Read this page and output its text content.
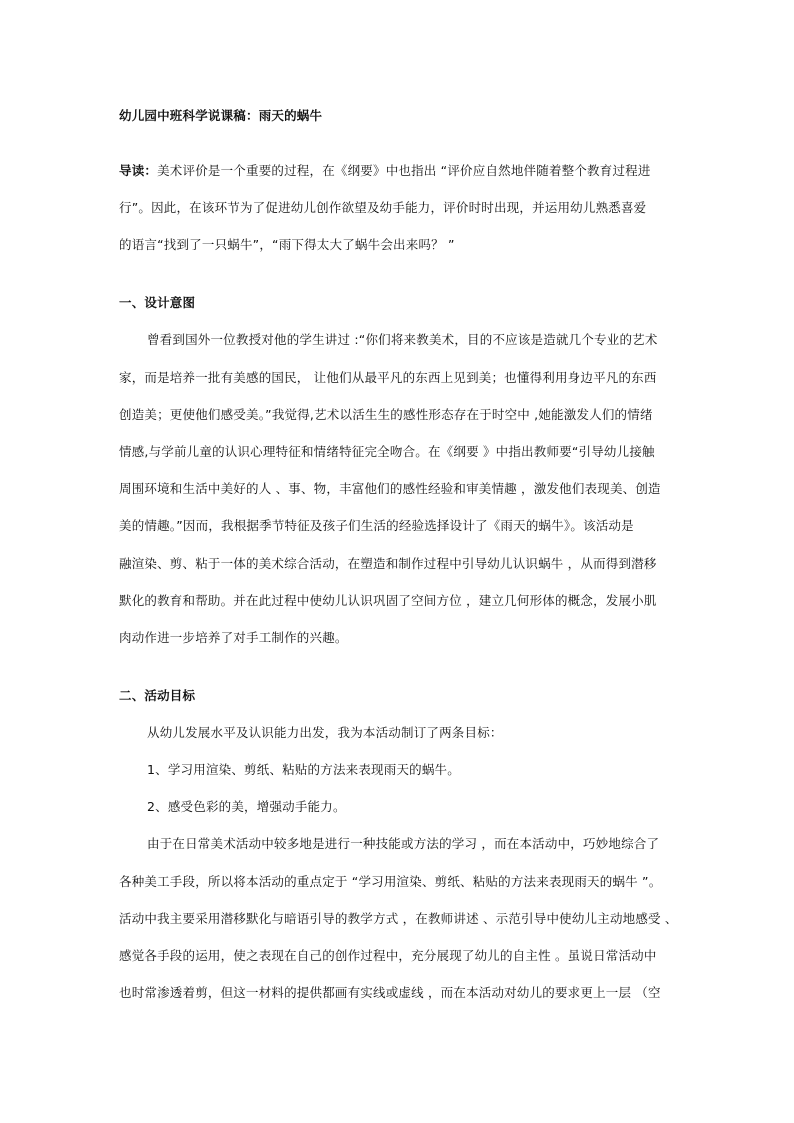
幼儿园中班科学说课稿：雨天的蜗牛
导读：美术评价是一个重要的过程，在《纲要》中也指出 “评价应自然地伴随着整个教育过程进
行”。因此，在该环节为了促进幼儿创作欲望及幼手能力，评价时时出现，并运用幼儿熟悉喜爱
的语言“找到了一只蜗牛”，“雨下得太大了蜗牛会出来吗？ ”
一、设计意图
曾看到国外一位教授对他的学生讲过 :“你们将来教美术，目的不应该是造就几个专业的艺术
家，而是培养一批有美感的国民， 让他们从最平凡的东西上见到美；也懂得利用身边平凡的东西
创造美；更使他们感受美。”我觉得,艺术以活生生的感性形态存在于时空中 ,她能激发人们的情绪
情感,与学前儿童的认识心理特征和情绪特征完全吻合。在《纲要 》中指出教师要“引导幼儿接触
周围环境和生活中美好的人 、事、物，丰富他们的感性经验和审美情趣 ，激发他们表现美、创造
美的情趣。”因而，我根据季节特征及孩子们生活的经验选择设计了《雨天的蜗牛》。该活动是
融渲染、剪、粘于一体的美术综合活动，在塑造和制作过程中引导幼儿认识蜗牛 ，从而得到潜移
默化的教育和帮助。并在此过程中使幼儿认识巩固了空间方位 ，建立几何形体的概念，发展小肌
肉动作进一步培养了对手工制作的兴趣。
二、活动目标
从幼儿发展水平及认识能力出发，我为本活动制订了两条目标：
1、学习用渲染、剪纸、粘贴的方法来表现雨天的蜗牛。
2、感受色彩的美，增强动手能力。
由于在日常美术活动中较多地是进行一种技能或方法的学习 ，而在本活动中，巧妙地综合了
各种美工手段，所以将本活动的重点定于 “学习用渲染、剪纸、粘贴的方法来表现雨天的蜗牛 ”。
活动中我主要采用潜移默化与暗语引导的教学方式 ，在教师讲述 、示范引导中使幼儿主动地感受 、
感觉各手段的运用，使之表现在自己的创作过程中，充分展现了幼儿的自主性 。虽说日常活动中
也时常渗透着剪，但这一材料的提供都画有实线或虚线 ，而在本活动对幼儿的要求更上一层 （空
